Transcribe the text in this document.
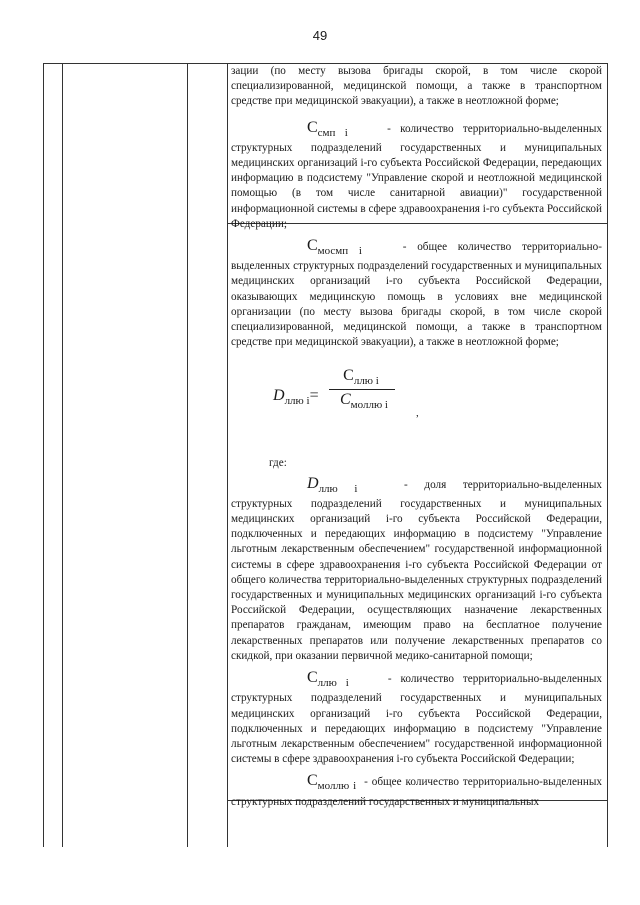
49

зации (по месту вызова бригады скорой, в том числе скорой специализированной, медицинской помощи, а также в транспортном средстве при медицинской эвакуации), а также в неотложной форме;

Cсмп i	- количество территориально-выделенных структурных подразделений государственных и муниципальных медицинских организаций i-го субъекта Российской Федерации, передающих информацию в подсистему "Управление скорой и неотложной медицинской помощью (в том числе санитарной авиации)" государственной информационной системы в сфере здравоохранения i-го субъекта Российской Федерации;

Cмосмп i	- общее количество территориально-выделенных структурных подразделений государственных и муниципальных медицинских организаций i-го субъекта Российской Федерации, оказывающих медицинскую помощь в условиях вне медицинской организации (по месту вызова бригады скорой, в том числе скорой специализированной, медицинской помощи, а также в транспортном средстве при медицинской эвакуации), а также в неотложной форме;

$D_{ллю i}=$
$C_{ллю i}$
$C_{моллю i}$
,

где:

Dллю i	- доля территориально-выделенных структурных подразделений государственных и муниципальных медицинских организаций i-го субъекта Российской Федерации, подключенных и передающих информацию в подсистему "Управление льготным лекарственным обеспечением" государственной информационной системы в сфере здравоохранения i-го субъекта Российской Федерации от общего количества территориально-выделенных структурных подразделений государственных и муниципальных медицинских организаций i-го субъекта Российской Федерации, осуществляющих назначение лекарственных препаратов гражданам, имеющим право на бесплатное получение лекарственных препаратов или получение лекарственных препаратов со скидкой, при оказании первичной медико-санитарной помощи;

Cллю i	- количество территориально-выделенных структурных подразделений государственных и муниципальных медицинских организаций i-го субъекта Российской Федерации, подключенных и передающих информацию в подсистему "Управление льготным лекарственным обеспечением" государственной информационной системы в сфере здравоохранения i-го субъекта Российской Федерации;

Cмоллю i - общее количество территориально-выделенных структурных подразделений государственных и муниципальных
